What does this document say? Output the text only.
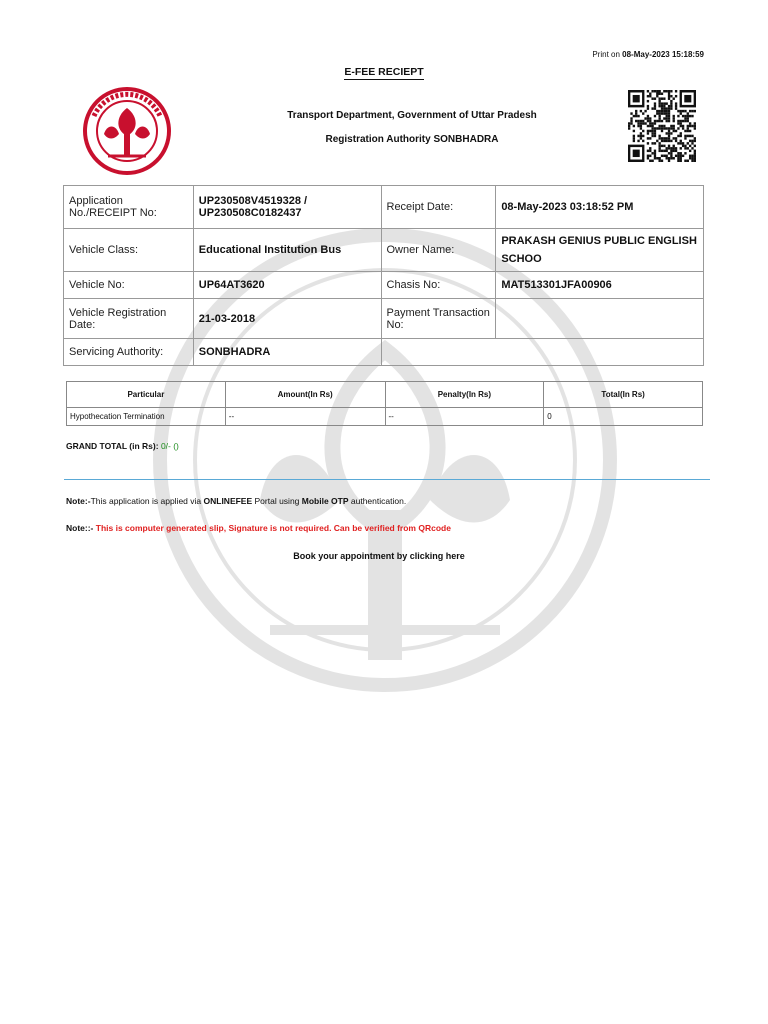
Print on 08-May-2023 15:18:59
E-FEE RECIEPT
Transport Department, Government of Uttar Pradesh
Registration Authority SONBHADRA
Application No./RECEIPT No:	UP230508V4519328 /
UP230508C0182437	Receipt Date:	08-May-2023 03:18:52 PM
Vehicle Class:	Educational Institution Bus	Owner Name:	PRAKASH GENIUS PUBLIC ENGLISH SCHOO
Vehicle No:	UP64AT3620	Chasis No:	MAT513301JFA00906
Vehicle Registration Date:	21-03-2018	Payment Transaction No:	
Servicing Authority:	SONBHADRA		
Particular	Amount(In Rs)	Penalty(In Rs)	Total(In Rs)
Hypothecation Termination	--	--	0
GRAND TOTAL (in Rs): 0/- ()
Note:-This application is applied via ONLINEFEE Portal using Mobile OTP authentication.
Note::- This is computer generated slip, Signature is not required. Can be verified from QRcode
Book your appointment by clicking here
